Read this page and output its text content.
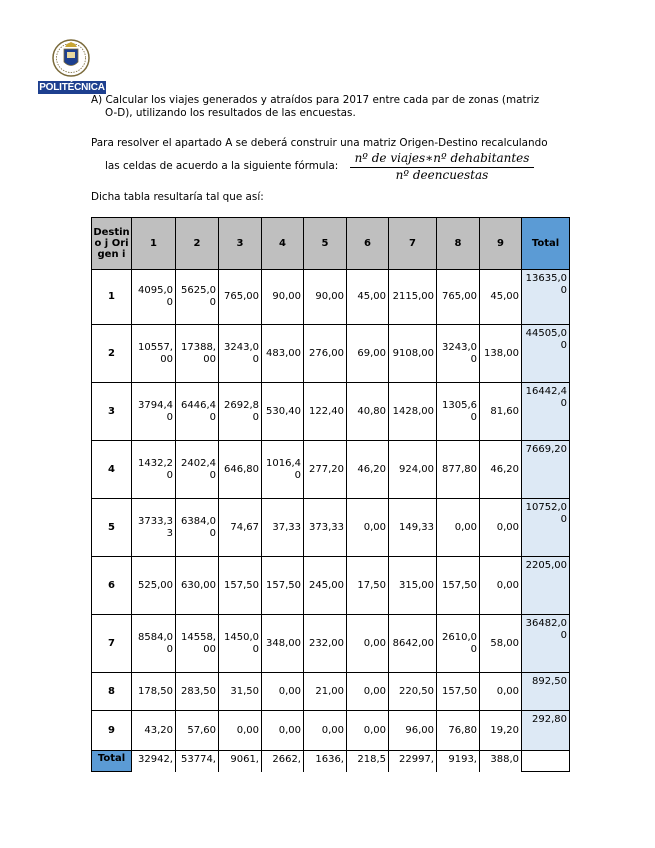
POLITÉCNICA
A) Calcular los viajes generados y atraídos para 2017 entre cada par de zonas (matriz
O-D), utilizando los resultados de las encuestas.
Para resolver el apartado A se deberá construir una matriz Origen-Destino recalculando
las celdas de acuerdo a la siguiente fórmula:
nº de viajes∗nº dehabitantes
nº deencuestas
Dicha tabla resultaría tal que así:
Destino j Origen i	1	2	3	4	5	6	7	8	9	Total
1	4095,00	5625,00	765,00	90,00	90,00	45,00	2115,00	765,00	45,00	13635,00
2	10557,00	17388,00	3243,00	483,00	276,00	69,00	9108,00	3243,00	138,00	44505,00
3	3794,40	6446,40	2692,80	530,40	122,40	40,80	1428,00	1305,60	81,60	16442,40
4	1432,20	2402,40	646,80	1016,40	277,20	46,20	924,00	877,80	46,20	7669,20
5	3733,33	6384,00	74,67	37,33	373,33	0,00	149,33	0,00	0,00	10752,00
6	525,00	630,00	157,50	157,50	245,00	17,50	315,00	157,50	0,00	2205,00
7	8584,00	14558,00	1450,00	348,00	232,00	0,00	8642,00	2610,00	58,00	36482,00
8	178,50	283,50	31,50	0,00	21,00	0,00	220,50	157,50	0,00	892,50
9	43,20	57,60	0,00	0,00	0,00	0,00	96,00	76,80	19,20	292,80
Total	32942,	53774,	9061,	2662,	1636,	218,5	22997,	9193,	388,0	
